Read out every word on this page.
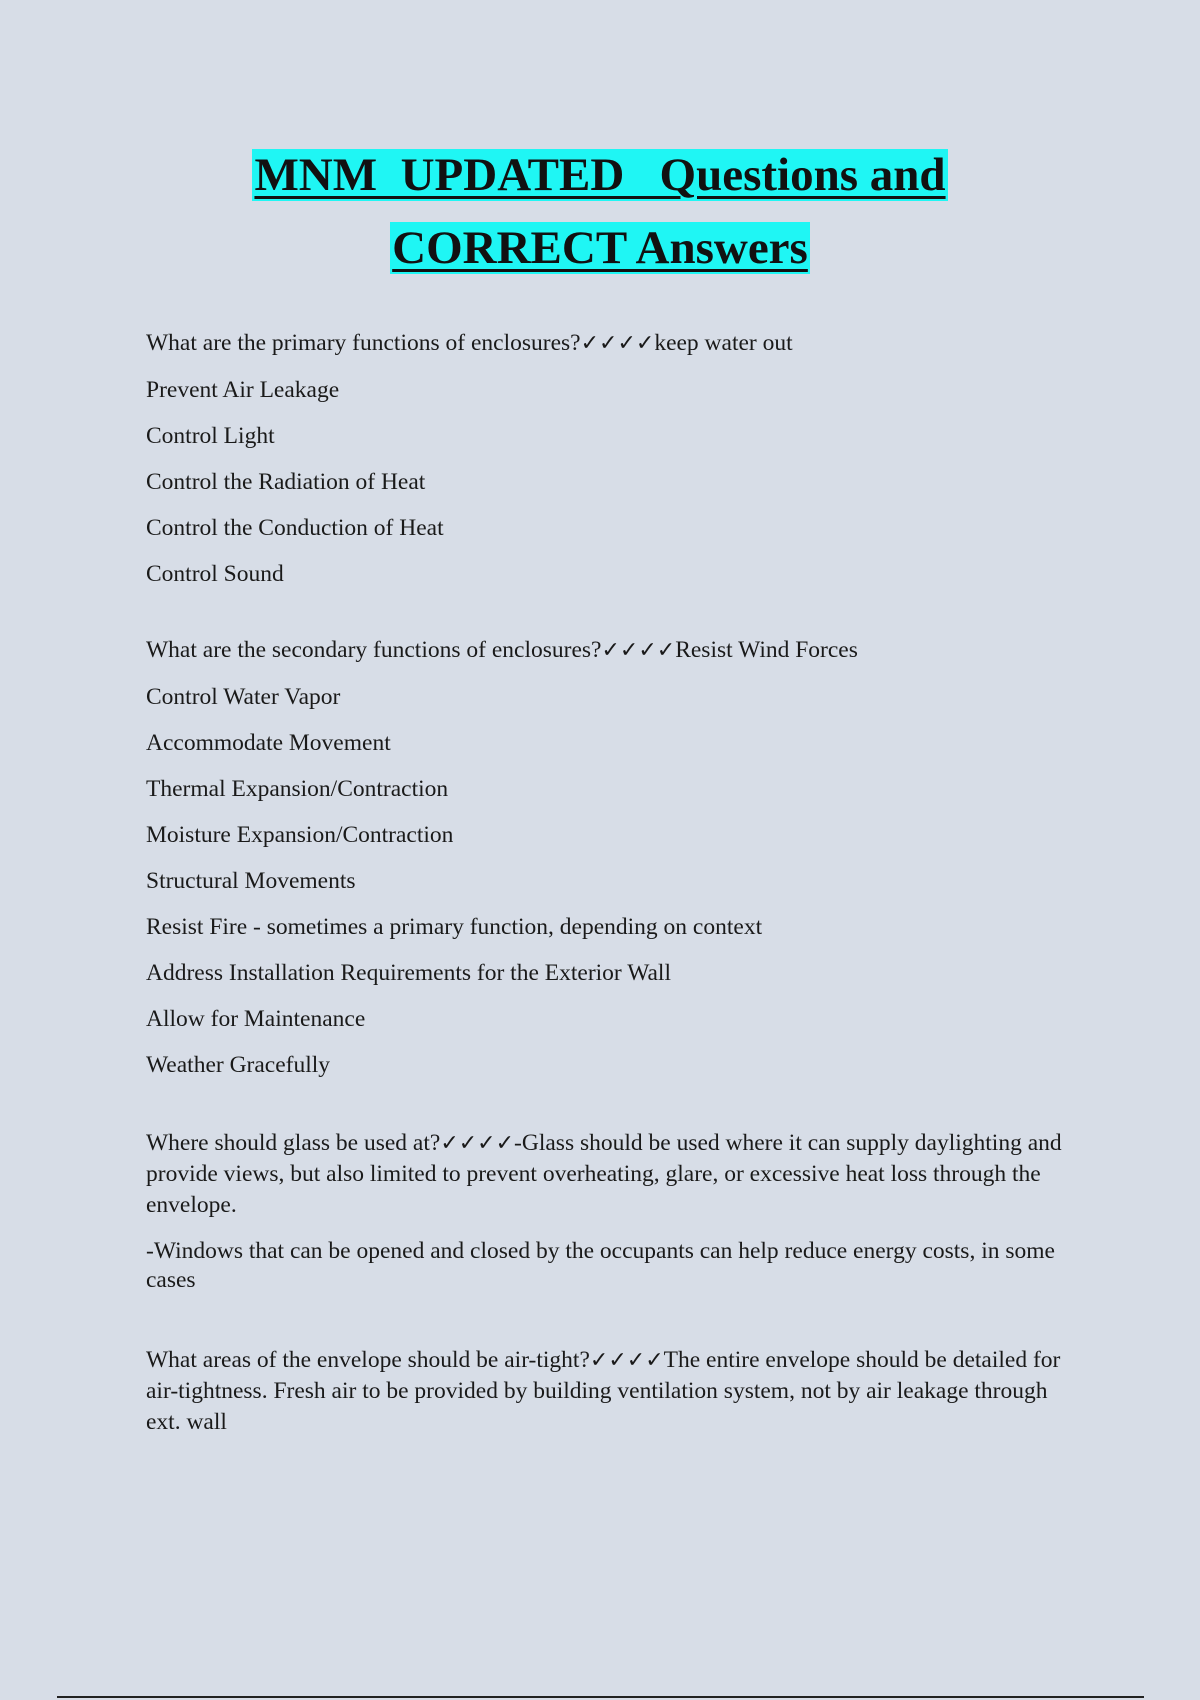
MNM  UPDATED   Questions and
CORRECT Answers
What are the primary functions of enclosures?✓✓✓✓keep water out
Prevent Air Leakage
Control Light
Control the Radiation of Heat
Control the Conduction of Heat
Control Sound
What are the secondary functions of enclosures?✓✓✓✓Resist Wind Forces
Control Water Vapor
Accommodate Movement
Thermal Expansion/Contraction
Moisture Expansion/Contraction
Structural Movements
Resist Fire - sometimes a primary function, depending on context
Address Installation Requirements for the Exterior Wall
Allow for Maintenance
Weather Gracefully
Where should glass be used at?✓✓✓✓-Glass should be used where it can supply daylighting and provide views, but also limited to prevent overheating, glare, or excessive heat loss through the envelope.
-Windows that can be opened and closed by the occupants can help reduce energy costs, in some cases
What areas of the envelope should be air-tight?✓✓✓✓The entire envelope should be detailed for air-tightness. Fresh air to be provided by building ventilation system, not by air leakage through ext. wall
